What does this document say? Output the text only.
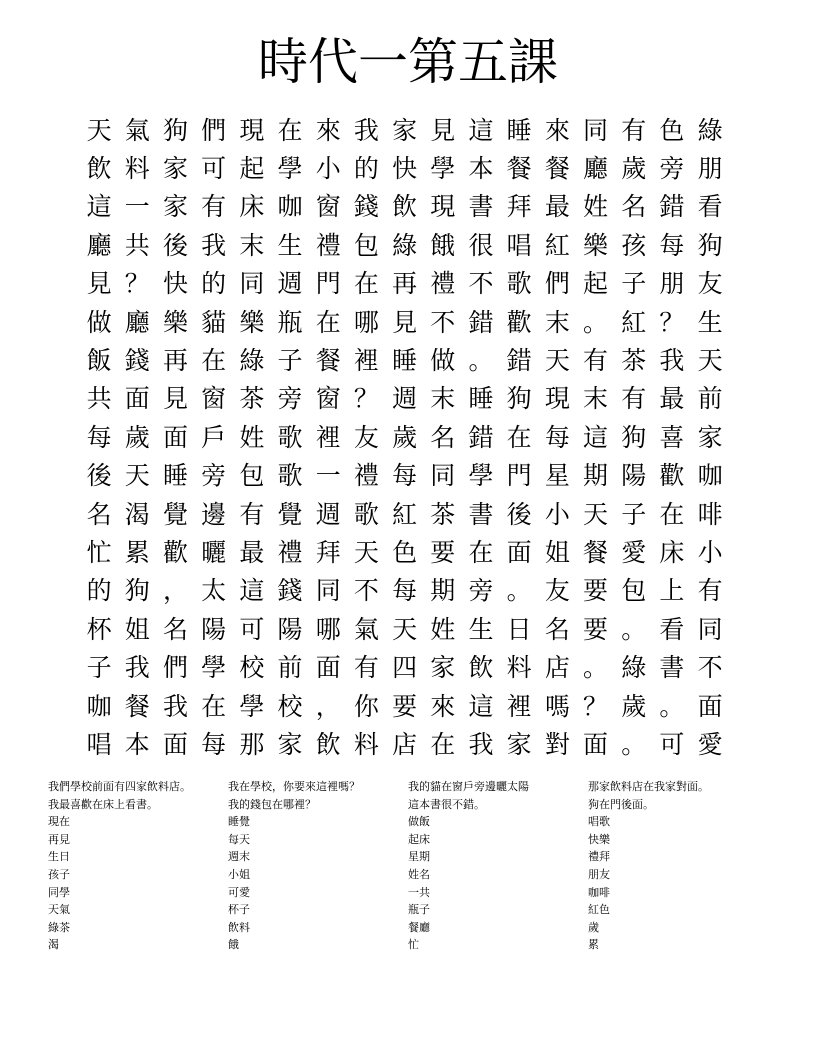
時代一第五課
天 氣 狗 們 現 在 來 我 家 見 這 睡 來 同 有 色 綠
飲 料 家 可 起 學 小 的 快 學 本 餐 餐 廳 歲 旁 朋
這 一 家 有 床 咖 窗 錢 飲 現 書 拜 最 姓 名 錯 看
廳 共 後 我 末 生 禮 包 綠 餓 很 唱 紅 樂 孩 每 狗
見 ？ 快 的 同 週 門 在 再 禮 不 歌 們 起 子 朋 友
做 廳 樂 貓 樂 瓶 在 哪 見 不 錯 歡 末 。 紅 ？ 生
飯 錢 再 在 綠 子 餐 裡 睡 做 。 錯 天 有 茶 我 天
共 面 見 窗 茶 旁 窗 ？ 週 末 睡 狗 現 末 有 最 前
每 歲 面 戶 姓 歌 裡 友 歲 名 錯 在 每 這 狗 喜 家
後 天 睡 旁 包 歌 一 禮 每 同 學 門 星 期 陽 歡 咖
名 渴 覺 邊 有 覺 週 歌 紅 茶 書 後 小 天 子 在 啡
忙 累 歡 曬 最 禮 拜 天 色 要 在 面 姐 餐 愛 床 小
的 狗 ， 太 這 錢 同 不 每 期 旁 。 友 要 包 上 有
杯 姐 名 陽 可 陽 哪 氣 天 姓 生 日 名 要 。 看 同
子 我 們 學 校 前 面 有 四 家 飲 料 店 。 綠 書 不
咖 餐 我 在 學 校 ， 你 要 來 這 裡 嗎 ？ 歲 。 面
唱 本 面 每 那 家 飲 料 店 在 我 家 對 面 。 可 愛
我們學校前面有四家飲料店。
我最喜歡在床上看書。
現在
再見
生日
孩子
同學
天氣
綠茶
渴
我在學校，你要來這裡嗎？
我的錢包在哪裡？
睡覺
每天
週末
小姐
可愛
杯子
飲料
餓
我的貓在窗戶旁邊曬太陽
這本書很不錯。
做飯
起床
星期
姓名
一共
瓶子
餐廳
忙
那家飲料店在我家對面。
狗在門後面。
唱歌
快樂
禮拜
朋友
咖啡
紅色
歲
累
